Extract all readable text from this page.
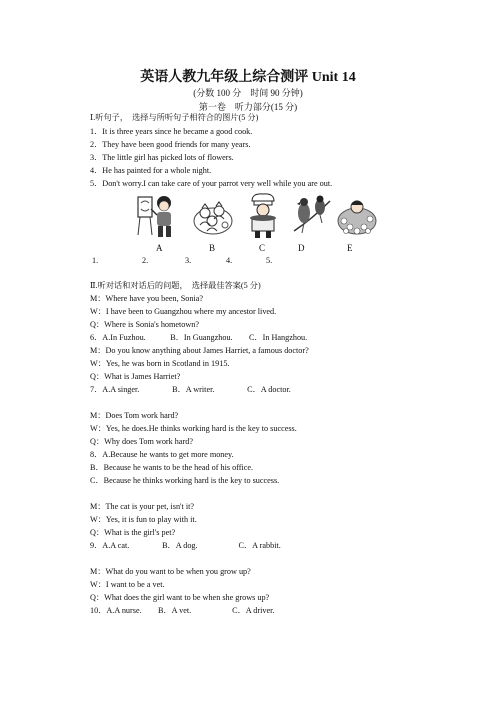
英语人教九年级上综合测评 Unit 14
(分数 100 分　时间 90 分钟)
第一卷　听力部分(15 分)
Ⅰ.听句子，　选择与所听句子相符合的图片(5 分)
1．It is three years since he became a good cook.
2．They have been good friends for many years.
3．The little girl has picked lots of flowers.
4．He has painted for a whole night.
5．Don't worry.I can take care of your parrot very well while you are out.
A	B	C	D	E
1.	2.	3.	4.	5.
Ⅱ.听对话和对话后的问题，　选择最佳答案(5 分)
M：Where have you been, Sonia?
W：I have been to Guangzhou where my ancestor lived.
Q：Where is Sonia's hometown?
6．A.In Fuzhou.　　　B．In Guangzhou.　　C．In Hangzhou.
M：Do you know anything about James Harriet, a famous doctor?
W：Yes, he was born in Scotland in 1915.
Q：What is James Harriet?
7．A.A singer.　　　　B．A writer.　　　　C．A doctor.
M：Does Tom work hard?
W：Yes, he does.He thinks working hard is the key to success.
Q：Why does Tom work hard?
8．A.Because he wants to get more money.
B．Because he wants to be the head of his office.
C．Because he thinks working hard is the key to success.
M：The cat is your pet, isn't it?
W：Yes, it is fun to play with it.
Q：What is the girl's pet?
9．A.A cat.　　　　B．A dog.　　　　　C．A rabbit.
M：What do you want to be when you grow up?
W：I want to be a vet.
Q：What does the girl want to be when she grows up?
10．A.A nurse.　　B．A vet.　　　　　C．A driver.
